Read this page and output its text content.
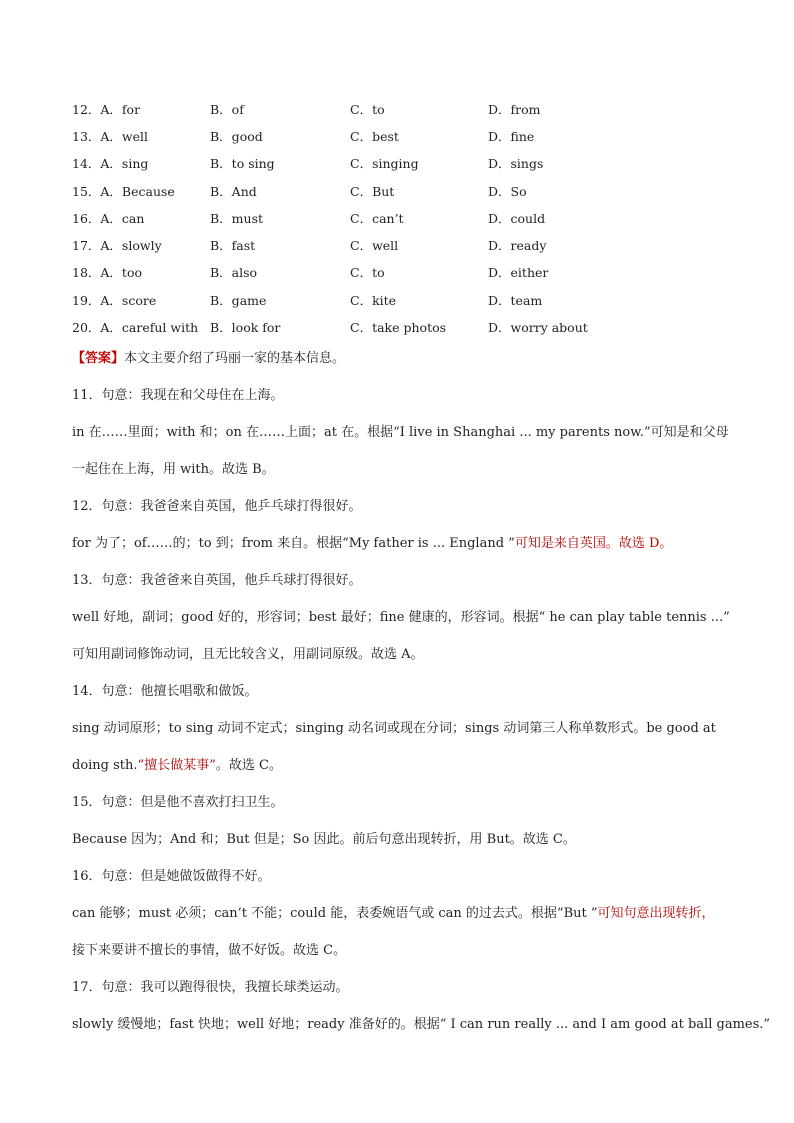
12．A．for	B．of	C．to	D．from
13．A．well	B．good	C．best	D．fine
14．A．sing	B．to sing	C．singing	D．sings
15．A．Because	B．And	C．But	D．So
16．A．can	B．must	C．can’t	D．could
17．A．slowly	B．fast	C．well	D．ready
18．A．too	B．also	C．to	D．either
19．A．score	B．game	C．kite	D．team
20．A．careful with B．look for	C．take photos	D．worry about

【答案】本文主要介绍了玛丽一家的基本信息。

11．句意：我现在和父母住在上海。

in 在……里面；with 和；on 在……上面；at 在。根据“I live in Shanghai ... my parents now.”可知是和父母

一起住在上海，用 with。故选 B。

12．句意：我爸爸来自英国，他乒乓球打得很好。

for 为了；of……的；to 到；from 来自。根据“My father is ... England ”可知是来自英国。故选 D。

13．句意：我爸爸来自英国，他乒乓球打得很好。

well 好地，副词；good 好的，形容词；best 最好；fine 健康的，形容词。根据“ he can play table tennis ...”

可知用副词修饰动词，且无比较含义，用副词原级。故选 A。

14．句意：他擅长唱歌和做饭。

sing 动词原形；to sing 动词不定式；singing 动名词或现在分词；sings 动词第三人称单数形式。be good at

doing sth.“擅长做某事”。故选 C。

15．句意：但是他不喜欢打扫卫生。

Because 因为；And 和；But 但是；So 因此。前后句意出现转折，用 But。故选 C。

16．句意：但是她做饭做得不好。

can 能够；must 必须；can’t 不能；could 能，表委婉语气或 can 的过去式。根据“But ”可知句意出现转折，

接下来要讲不擅长的事情，做不好饭。故选 C。

17．句意：我可以跑得很快，我擅长球类运动。

slowly 缓慢地；fast 快地；well 好地；ready 准备好的。根据“ I can run really ... and I am good at ball games.”
